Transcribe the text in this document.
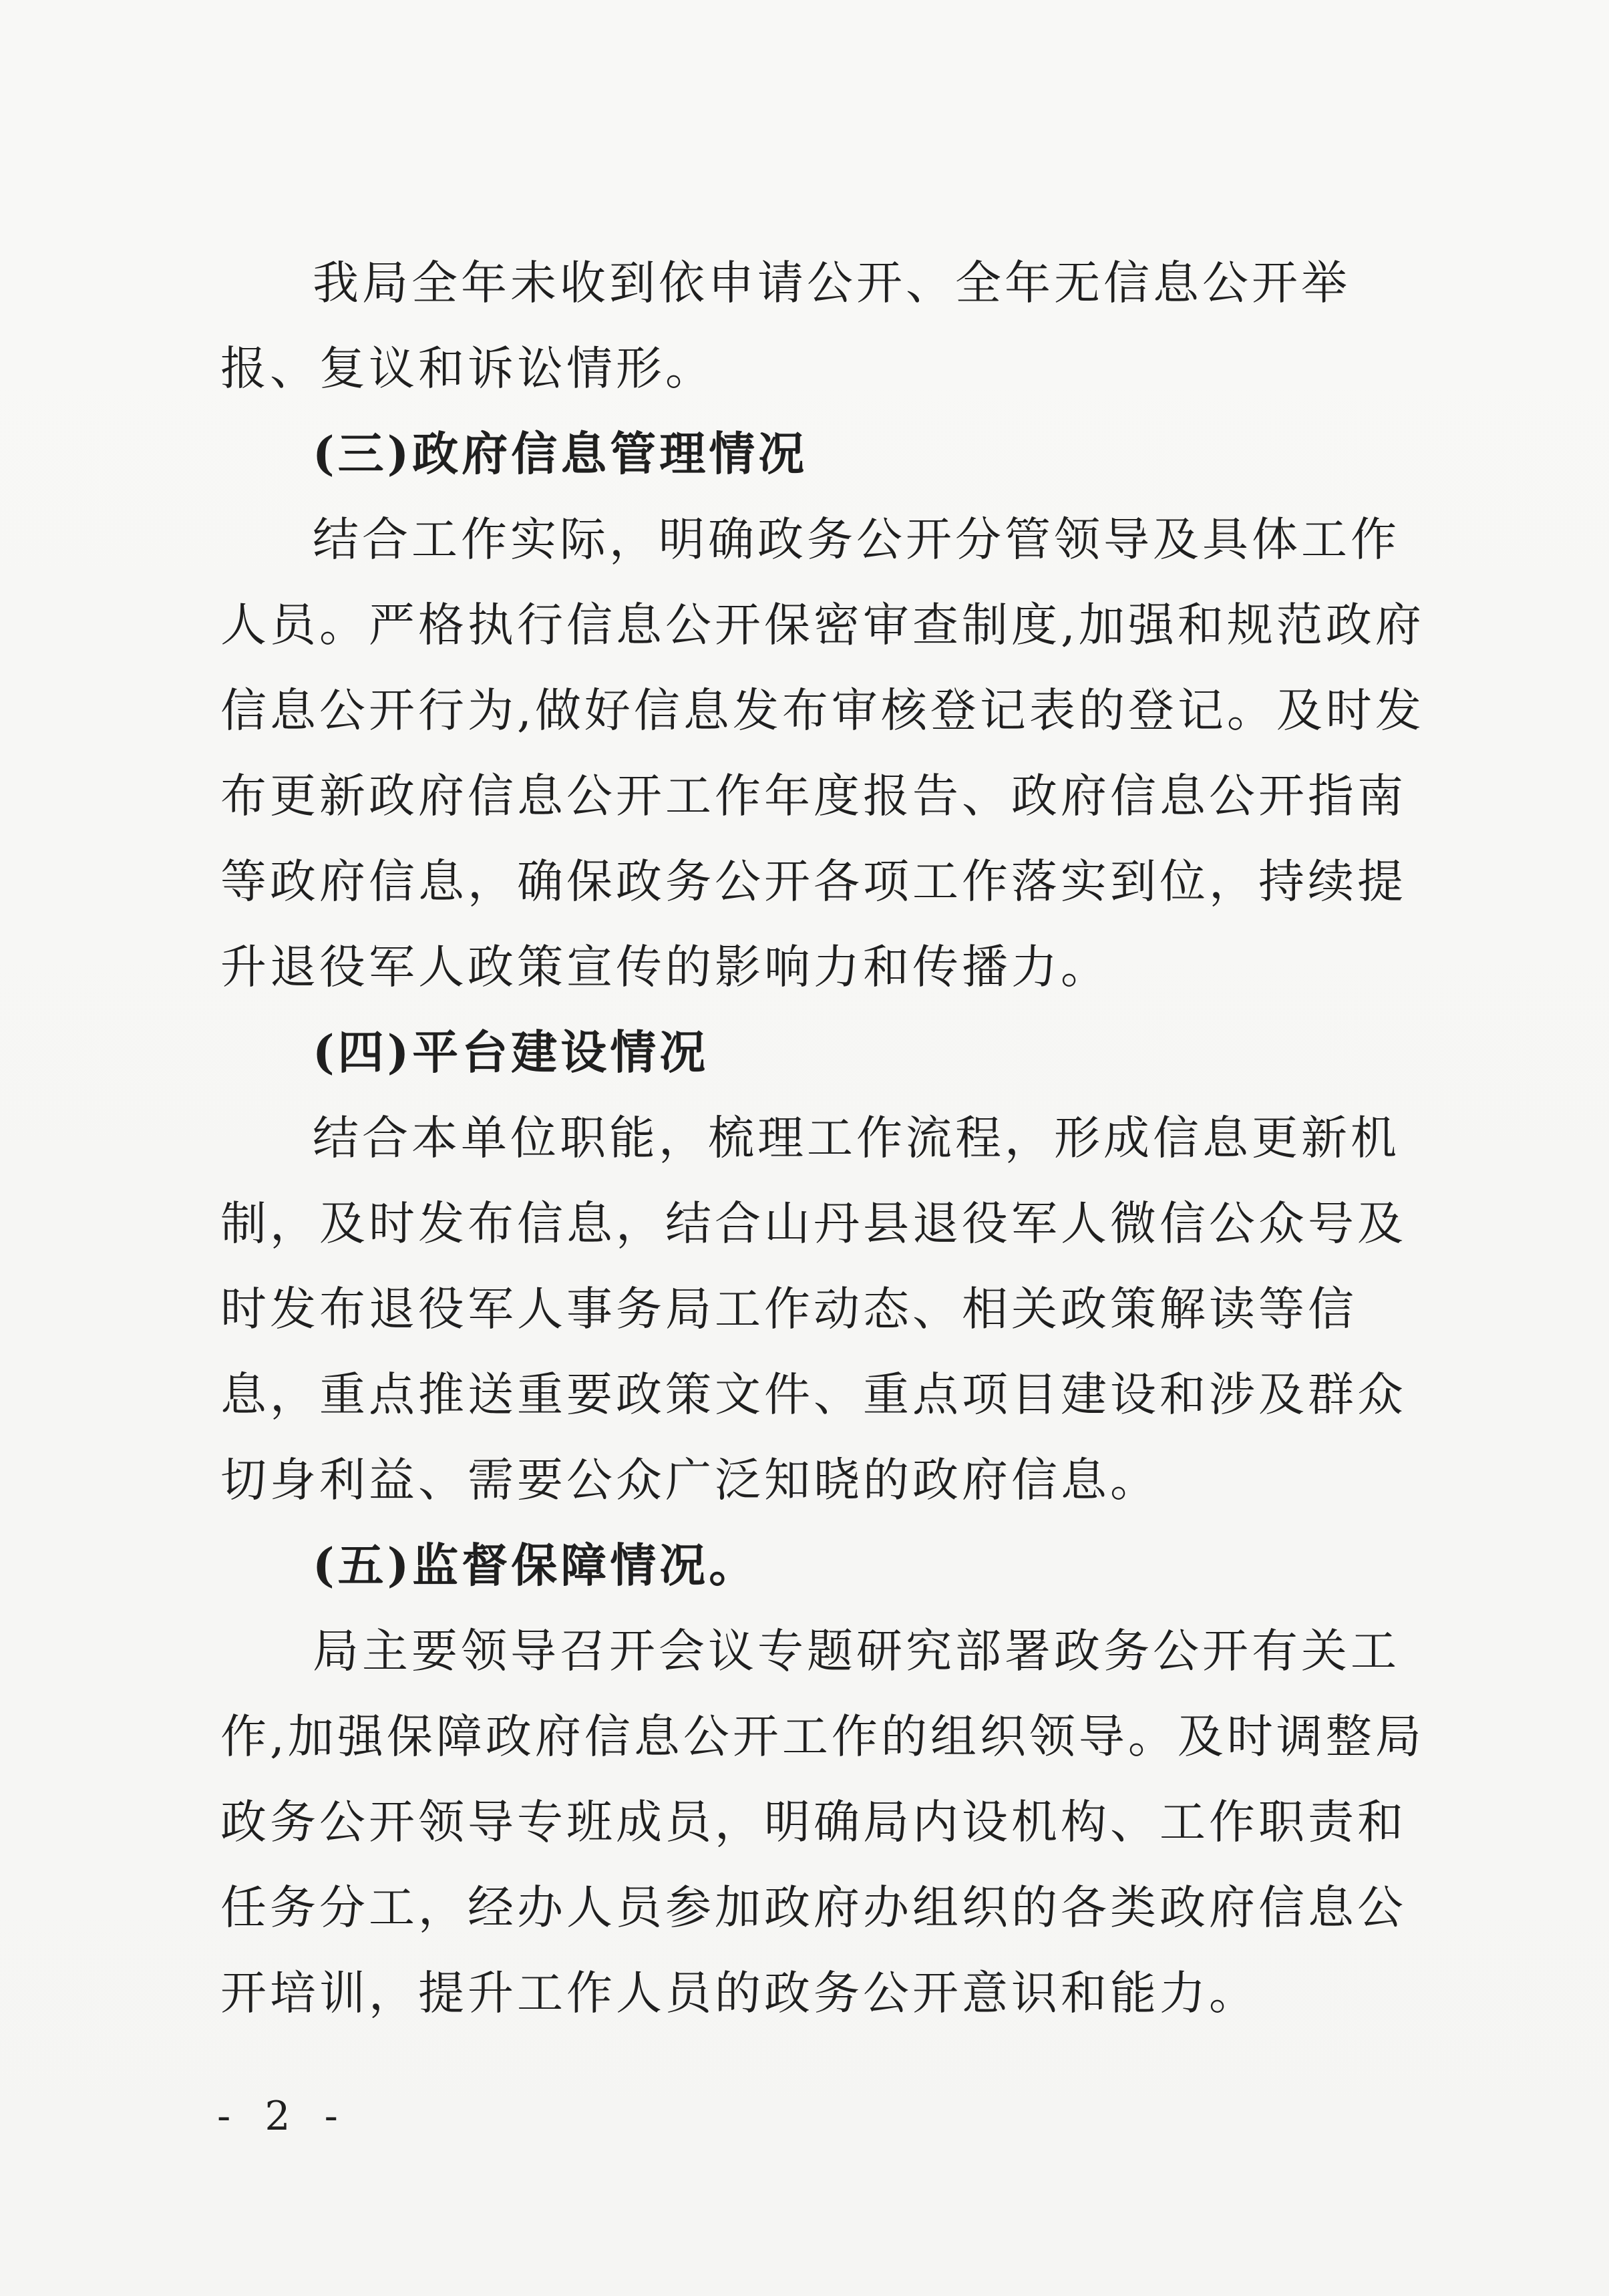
我局全年未收到依申请公开、全年无信息公开举报、复议和诉讼情形。

(三)政府信息管理情况

结合工作实际，明确政务公开分管领导及具体工作人员。严格执行信息公开保密审查制度,加强和规范政府信息公开行为,做好信息发布审核登记表的登记。及时发布更新政府信息公开工作年度报告、政府信息公开指南等政府信息，确保政务公开各项工作落实到位，持续提升退役军人政策宣传的影响力和传播力。

(四)平台建设情况

结合本单位职能，梳理工作流程，形成信息更新机制，及时发布信息，结合山丹县退役军人微信公众号及时发布退役军人事务局工作动态、相关政策解读等信息，重点推送重要政策文件、重点项目建设和涉及群众切身利益、需要公众广泛知晓的政府信息。

(五)监督保障情况。

局主要领导召开会议专题研究部署政务公开有关工作,加强保障政府信息公开工作的组织领导。及时调整局政务公开领导专班成员，明确局内设机构、工作职责和任务分工，经办人员参加政府办组织的各类政府信息公开培训，提升工作人员的政务公开意识和能力。

- 2 -
